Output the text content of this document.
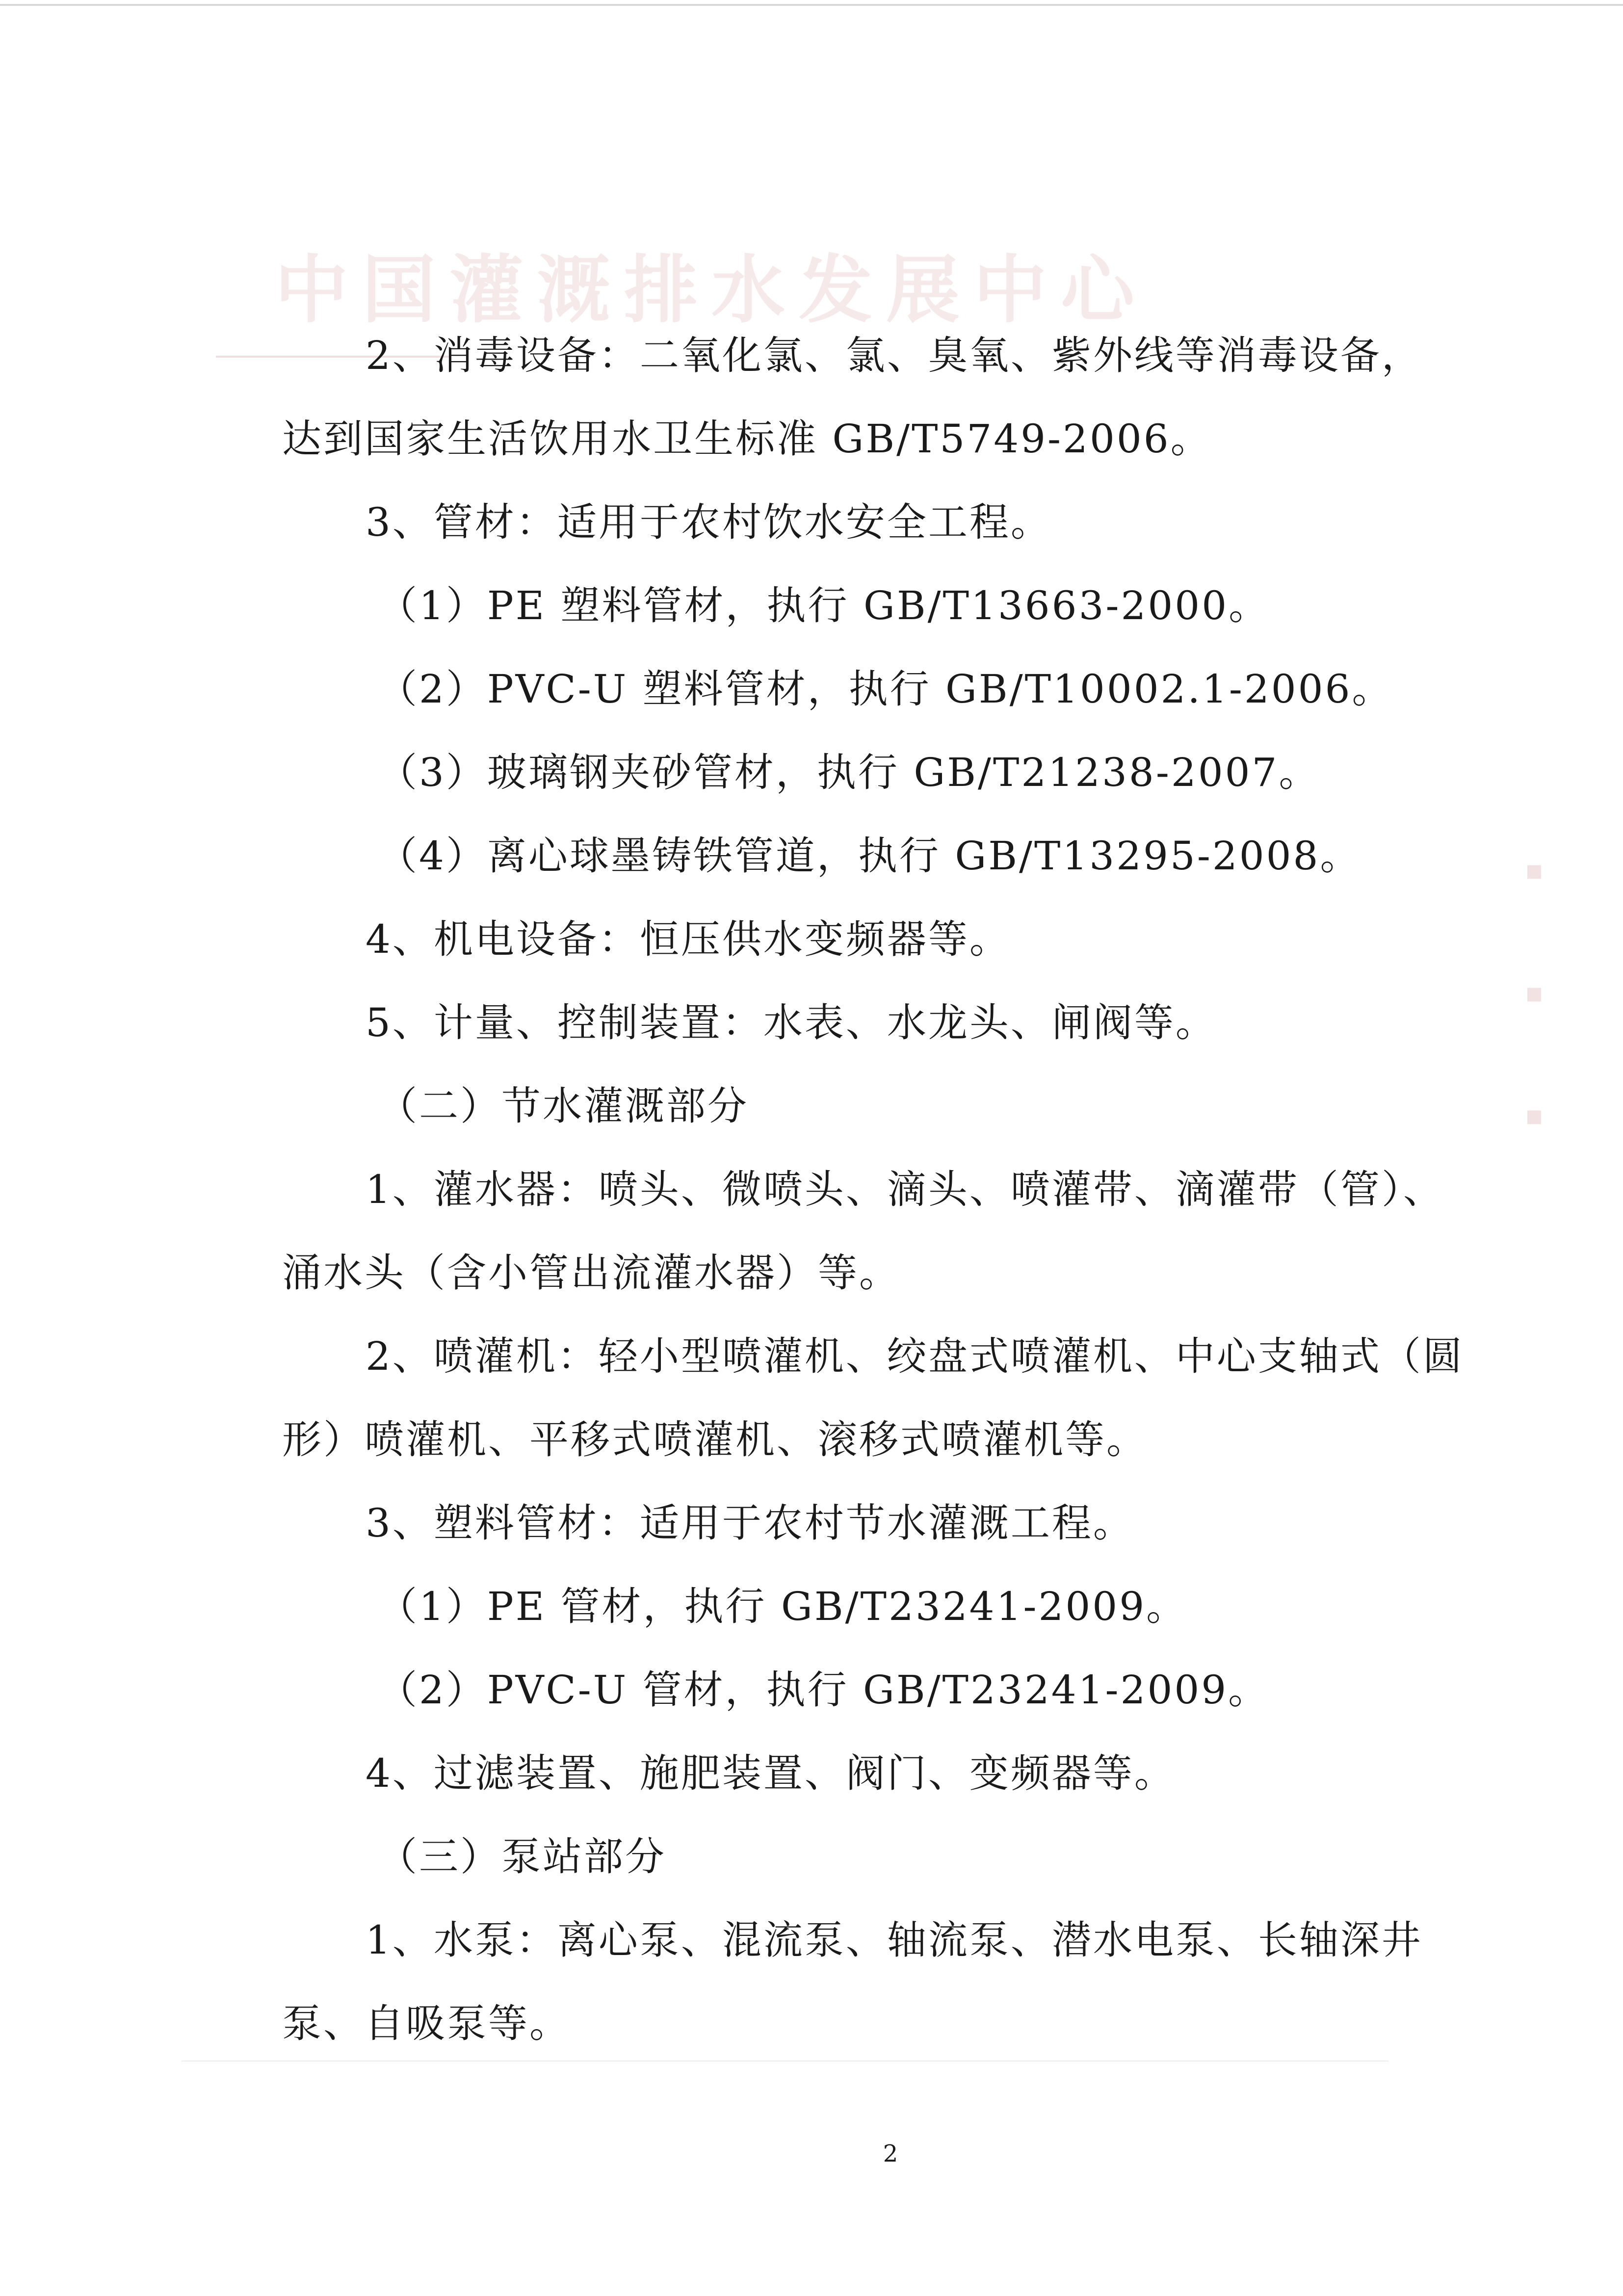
中国灌溉排水发展中心
▪
▪
▪
2、消毒设备：二氧化氯、氯、臭氧、紫外线等消毒设备，
达到国家生活饮用水卫生标准 GB/T5749-2006。
3、管材：适用于农村饮水安全工程。
（1）PE 塑料管材，执行 GB/T13663-2000。
（2）PVC-U 塑料管材，执行 GB/T10002.1-2006。
（3）玻璃钢夹砂管材，执行 GB/T21238-2007。
（4）离心球墨铸铁管道，执行 GB/T13295-2008。
4、机电设备：恒压供水变频器等。
5、计量、控制装置：水表、水龙头、闸阀等。
（二）节水灌溉部分
1、灌水器：喷头、微喷头、滴头、喷灌带、滴灌带（管）、
涌水头（含小管出流灌水器）等。
2、喷灌机：轻小型喷灌机、绞盘式喷灌机、中心支轴式（圆
形）喷灌机、平移式喷灌机、滚移式喷灌机等。
3、塑料管材：适用于农村节水灌溉工程。
（1）PE 管材，执行 GB/T23241-2009。
（2）PVC-U 管材，执行 GB/T23241-2009。
4、过滤装置、施肥装置、阀门、变频器等。
（三）泵站部分
1、水泵：离心泵、混流泵、轴流泵、潜水电泵、长轴深井
泵、自吸泵等。
2
